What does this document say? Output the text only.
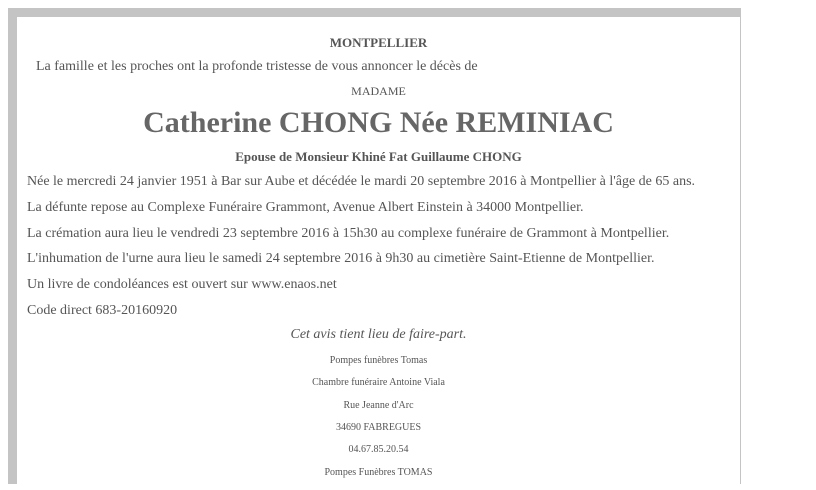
MONTPELLIER
La famille et les proches ont la profonde tristesse de vous annoncer le décès de
MADAME
Catherine CHONG Née REMINIAC
Epouse de Monsieur Khiné Fat Guillaume CHONG
Née le mercredi 24 janvier 1951 à Bar sur Aube et décédée le mardi 20 septembre 2016 à Montpellier à l'âge de 65 ans.
La défunte repose au Complexe Funéraire Grammont, Avenue Albert Einstein à 34000 Montpellier.
La crémation aura lieu le vendredi 23 septembre 2016 à 15h30 au complexe funéraire de Grammont à Montpellier.
L'inhumation de l'urne aura lieu le samedi 24 septembre 2016 à 9h30 au cimetière Saint-Etienne de Montpellier.
Un livre de condoléances est ouvert sur www.enaos.net
Code direct 683-20160920
Cet avis tient lieu de faire-part.
Pompes funèbres Tomas
Chambre funéraire Antoine Viala
Rue Jeanne d'Arc
34690 FABREGUES
04.67.85.20.54
Pompes Funèbres TOMAS
